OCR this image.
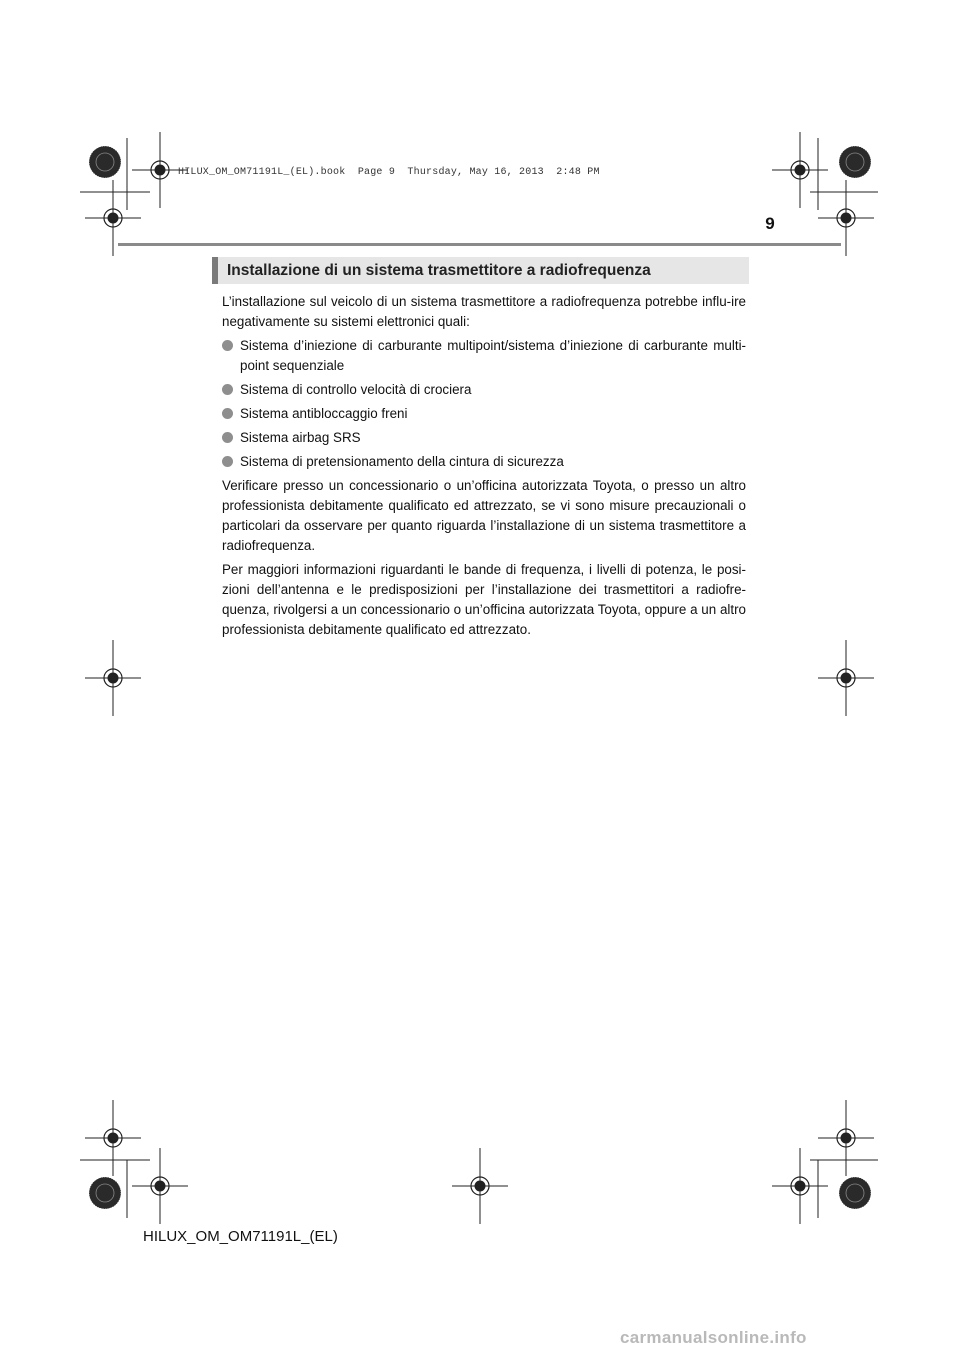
HILUX_OM_OM71191L_(EL).book  Page 9  Thursday, May 16, 2013  2:48 PM
9
Installazione di un sistema trasmettitore a radiofrequenza

L’installazione sul veicolo di un sistema trasmettitore a radiofrequenza potrebbe influ-ire negativamente su sistemi elettronici quali:

Sistema d’iniezione di carburante multipoint/sistema d’iniezione di carburante multi-point sequenziale
Sistema di controllo velocità di crociera
Sistema antibloccaggio freni
Sistema airbag SRS
Sistema di pretensionamento della cintura di sicurezza

Verificare presso un concessionario o un’officina autorizzata Toyota, o presso un altro professionista debitamente qualificato ed attrezzato, se vi sono misure precauzionali o particolari da osservare per quanto riguarda l’installazione di un sistema trasmettitore a radiofrequenza.

Per maggiori informazioni riguardanti le bande di frequenza, i livelli di potenza, le posi-zioni dell’antenna e le predisposizioni per l’installazione dei trasmettitori a radiofre-quenza, rivolgersi a un concessionario o un’officina autorizzata Toyota, oppure a un altro professionista debitamente qualificato ed attrezzato.

HILUX_OM_OM71191L_(EL)
carmanualsonline.info
